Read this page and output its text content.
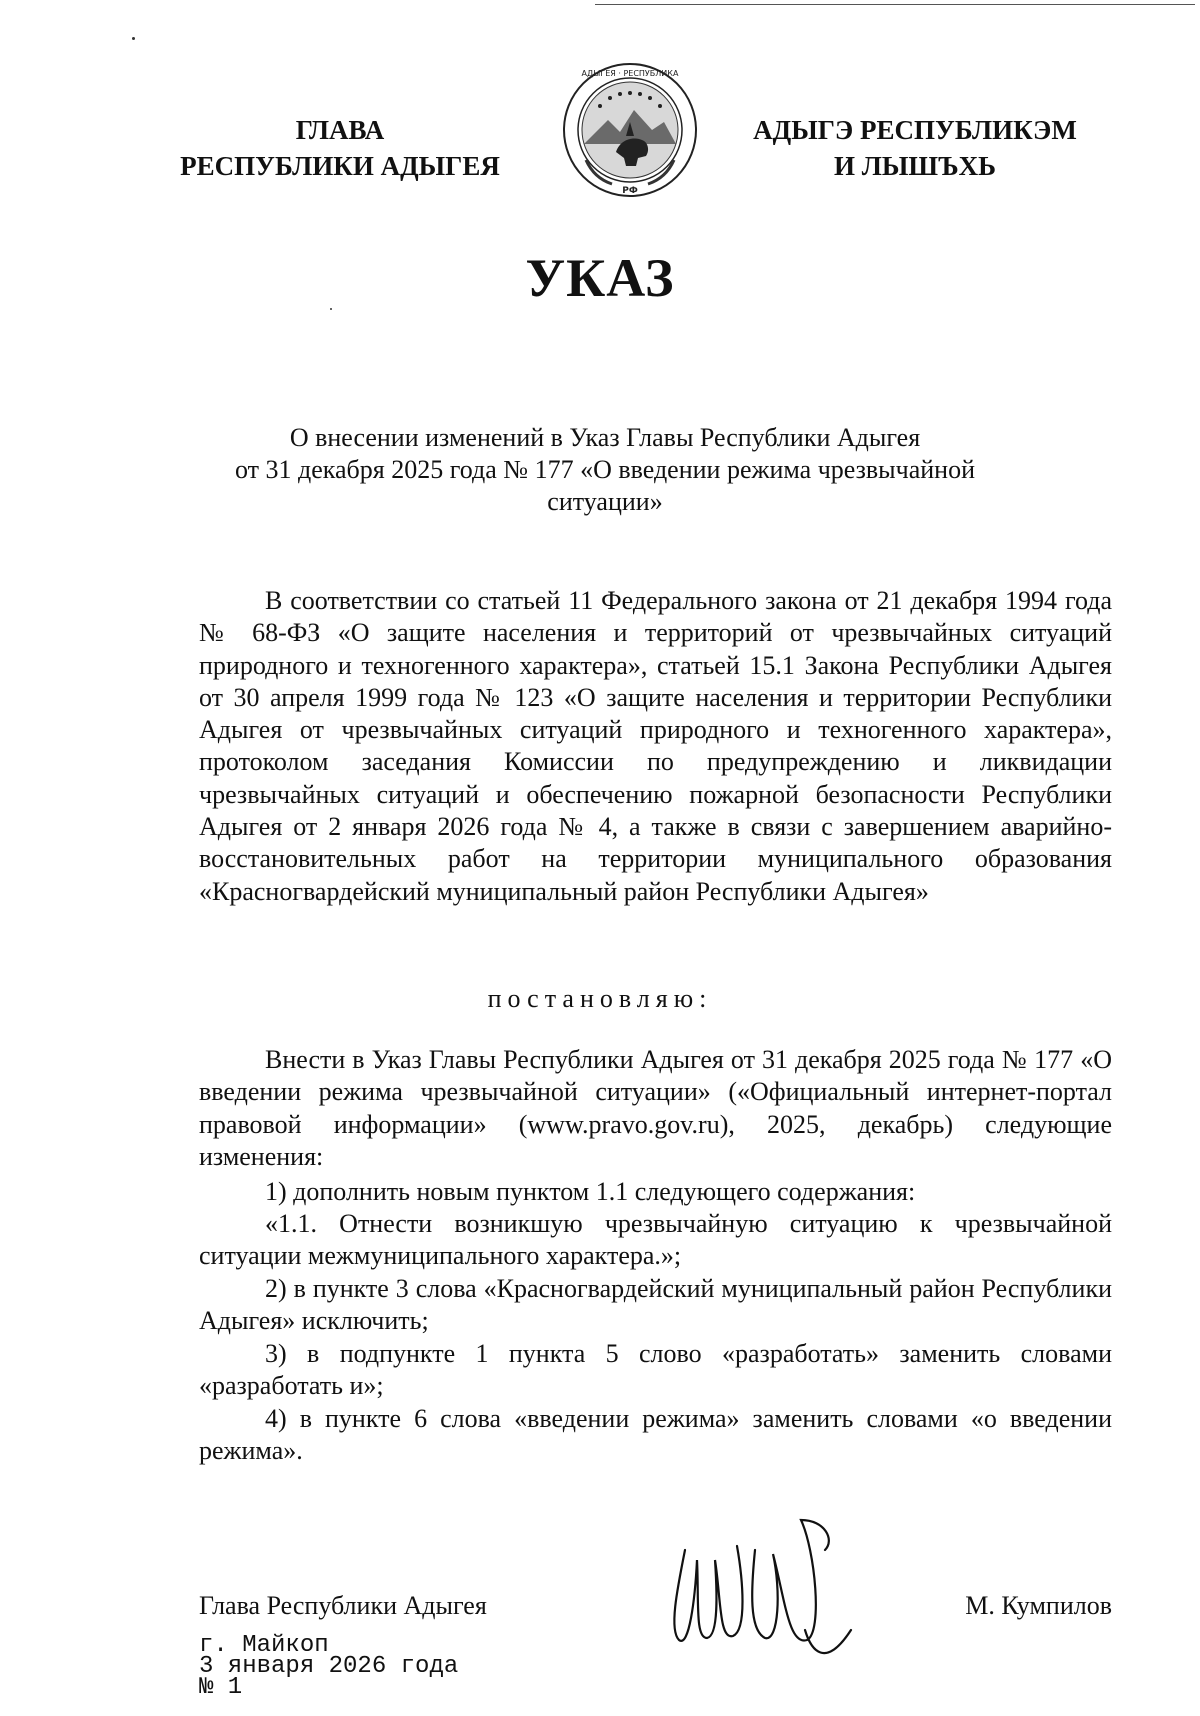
ГЛАВА
РЕСПУБЛИКИ АДЫГЕЯ
АДЫГЕЯ · РЕСПУБЛИКА
РФ
АДЫГЭ РЕСПУБЛИКЭМ
И ЛЫШЪХЬ
УКАЗ
О внесении изменений в Указ Главы Республики Адыгея
от 31 декабря 2025 года № 177 «О введении режима чрезвычайной
ситуации»
В соответствии со статьей 11 Федерального закона от 21 декабря 1994 года № 68-ФЗ «О защите населения и территорий от чрезвычайных ситуаций природного и техногенного характера», статьей 15.1 Закона Республики Адыгея от 30 апреля 1999 года № 123 «О защите населения и территории Республики Адыгея от чрезвычайных ситуаций природного и техногенного характера», протоколом заседания Комиссии по предупреждению и ликвидации чрезвычайных ситуаций и обеспечению пожарной безопасности Республики Адыгея от 2 января 2026 года № 4, а также в связи с завершением аварийно-восстановительных работ на территории муниципального образования «Красногвардейский муниципальный район Республики Адыгея»
постановляю:
Внести в Указ Главы Республики Адыгея от 31 декабря 2025 года № 177 «О введении режима чрезвычайной ситуации» («Официальный интернет-портал правовой информации» (www.pravo.gov.ru), 2025, декабрь) следующие изменения:
1) дополнить новым пунктом 1.1 следующего содержания:
«1.1. Отнести возникшую чрезвычайную ситуацию к чрезвычайной ситуации межмуниципального характера.»;
2) в пункте 3 слова «Красногвардейский муниципальный район Республики Адыгея» исключить;
3) в подпункте 1 пункта 5 слово «разработать» заменить словами «разработать и»;
4) в пункте 6 слова «введении режима» заменить словами «о введении режима».
Глава Республики Адыгея	М. Кумпилов
г. Майкоп
3 января 2026 года
№ 1
